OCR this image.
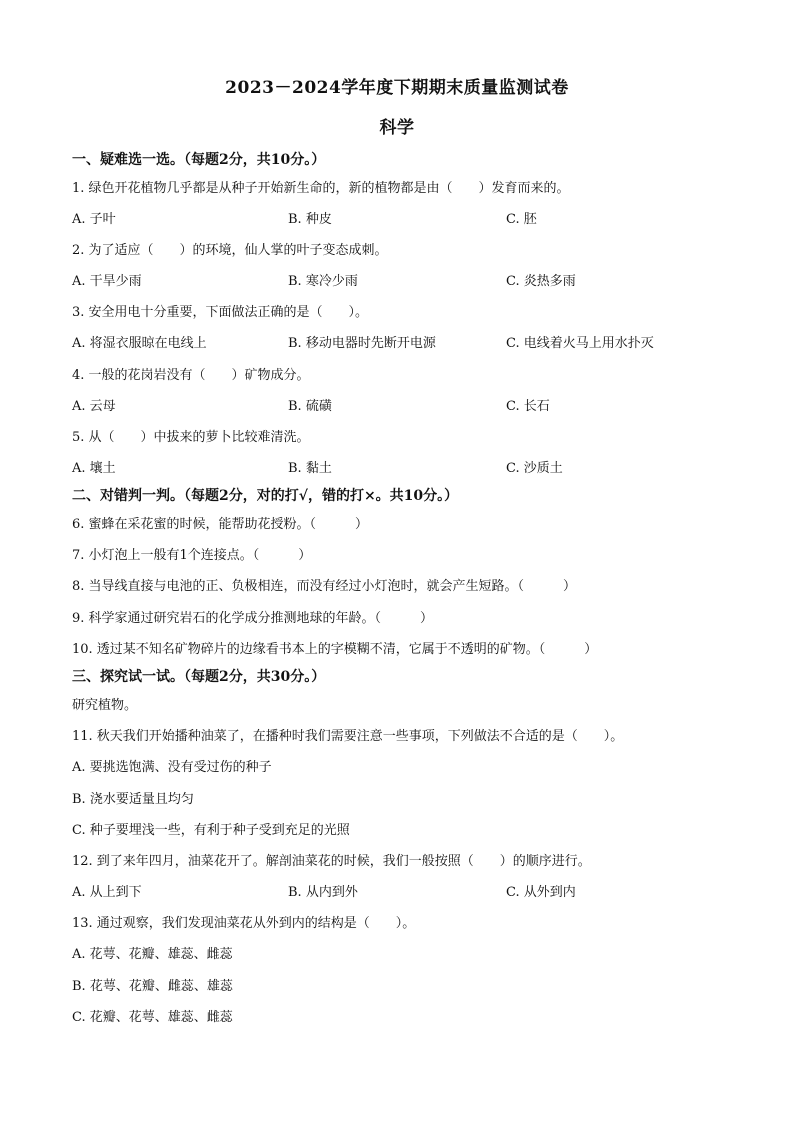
2023－2024学年度下期期末质量监测试卷
科学
一、疑难选一选。（每题2分，共10分。）
1. 绿色开花植物几乎都是从种子开始新生命的，新的植物都是由（　　）发育而来的。
A. 子叶	B. 种皮	C. 胚
2. 为了适应（　　）的环境，仙人掌的叶子变态成刺。
A. 干旱少雨	B. 寒冷少雨	C. 炎热多雨
3. 安全用电十分重要，下面做法正确的是（　　）。
A. 将湿衣服晾在电线上	B. 移动电器时先断开电源	C. 电线着火马上用水扑灭
4. 一般的花岗岩没有（　　）矿物成分。
A. 云母	B. 硫磺	C. 长石
5. 从（　　）中拔来的萝卜比较难清洗。
A. 壤土	B. 黏土	C. 沙质土
二、对错判一判。（每题2分，对的打√，错的打×。共10分。）
6. 蜜蜂在采花蜜的时候，能帮助花授粉。（　　　）
7. 小灯泡上一般有1个连接点。（　　　）
8. 当导线直接与电池的正、负极相连，而没有经过小灯泡时，就会产生短路。（　　　）
9. 科学家通过研究岩石的化学成分推测地球的年龄。（　　　）
10. 透过某不知名矿物碎片的边缘看书本上的字模糊不清，它属于不透明的矿物。（　　　）
三、探究试一试。（每题2分，共30分。）
研究植物。
11. 秋天我们开始播种油菜了，在播种时我们需要注意一些事项，下列做法不合适的是（　　）。
A. 要挑选饱满、没有受过伤的种子
B. 浇水要适量且均匀
C. 种子要埋浅一些，有利于种子受到充足的光照
12. 到了来年四月，油菜花开了。解剖油菜花的时候，我们一般按照（　　）的顺序进行。
A. 从上到下	B. 从内到外	C. 从外到内
13. 通过观察，我们发现油菜花从外到内的结构是（　　）。
A. 花萼、花瓣、雄蕊、雌蕊
B. 花萼、花瓣、雌蕊、雄蕊
C. 花瓣、花萼、雄蕊、雌蕊
